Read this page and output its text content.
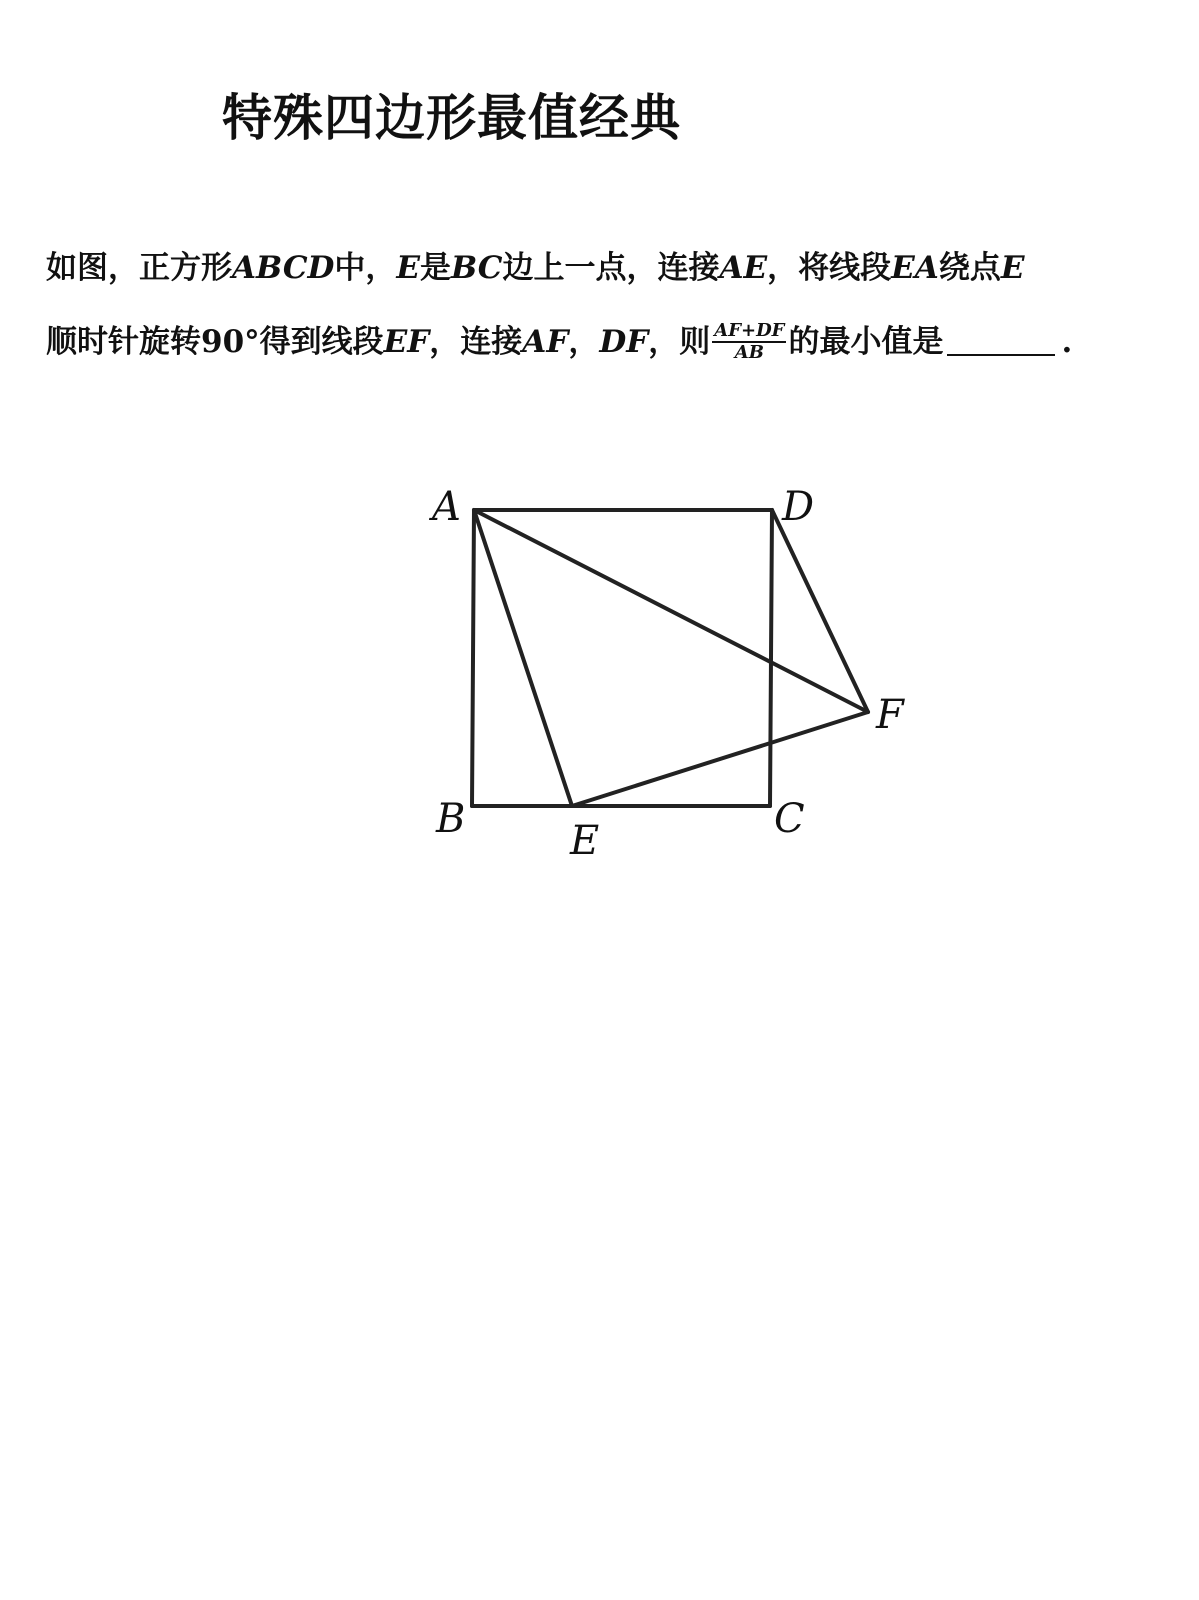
特殊四边形最值经典
如图，正方形 ABCD 中， E 是 BC 边上一点，连接 AE ，将线段 EA 绕点 E
顺时针旋转90°得到线段 EF ，连接 AF ， DF ，则 $\frac{AF+DF}{AB}$ 的最小值是	.
A	D
B	C
E
F
